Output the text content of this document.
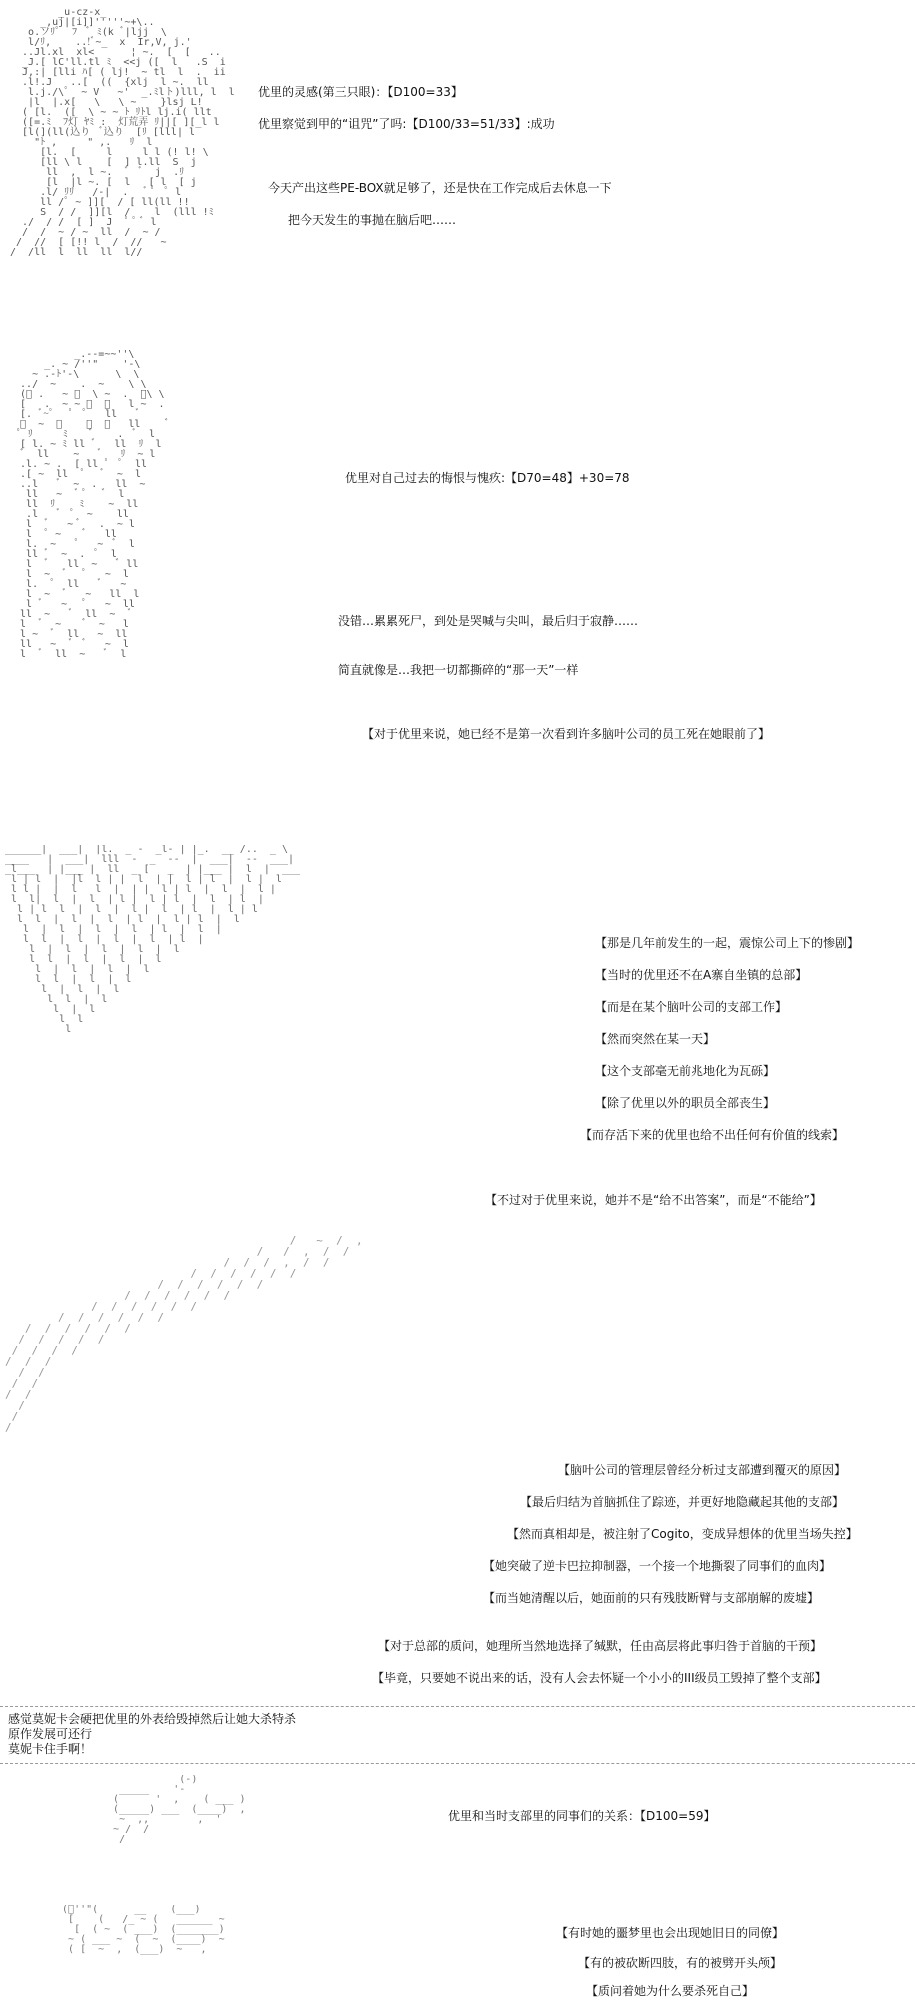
_u-cz-x_
_,uj|[i]]'''''~+\..
o.ソﾘﾟ  ﾌ  ﾞ ﾐ(k ﾞ|ljj  \
l/ﾘ,    ..!ﾞ~_  x  Ir,V, j.'
..Jl.xl  xl<      ¦ ~.  [  [   ..
_J.[ lC'll.tl ﾐ  <<j ([  l   .S  i
J,:| [lli ﾊ[ ( lj!  ~ tl  l  .  ii
.l!.J   ..[  ((  {xlj  l ~.  ll
l.j./\ﾟ  ~ V   ~'  _.ﾐlト)lll, l  l
|l  |.x[   \   \ ~    }lsj L!
( [l.  ([  \ ~ ~ ﾄ ﾘﾄl lj.i( llt
([=.ﾐ  ﾌ灯 ﾔﾐ :  灯荒弄 ﾘ||[ ][_l l
[l(](ll(込り  ﾞ込り  [ﾘ [lll| l
"ﾄ ,     " ,.   ﾘ  l
[l.  [     l     l l (! l! \
[ll \ l    [  ] l.ll  S  j
ll  ,  l ~.  ﾞ  ﾞ  j  .ﾘ
[l  |l ~. [  l   [ l  [ j
.l/ ﾘﾘ   /-|  .   ﾞ ﾟ  ﾟ l
ll /ﾟ ~ ]][  / [ ll(ll !!
S  / /  ]][l  /    l  (lll !ﾐ
./  / /  [ ]  J  ﾟ ﾟ ﾞ l
/  /  ~ / ~  ll  /  ~ /
/  //  [ [!! l  /  //   ~
/  /ll  l  ll  ll  l//
优里的灵感(第三只眼)：【D100=33】
优里察觉到甲的“诅咒”了吗:【D100/33=51/33】:成功
今天产出这些PE-BOX就足够了，还是快在工作完成后去休息一下
把今天发生的事抛在脑后吧……
_.--=~~''\
_. ~ /''"    '-\
~ .-ﾄ'-\      \  \
../  ~    .  ~    \ \
(ﾞ .   ~ ﾞ  \ ~  .  ﾞ\ \
[   .  ~ ~ ﾟ  ﾞ   l ~  .
[. ﾞ~ﾟ   ﾟ  ﾟ   ll   ﾞ
ﾟ  ~  ﾞ    ﾞ  ﾞ   ll    ﾞ
ﾟ ﾘ     ﾐ    ﾞ    .  ﾞ  l
[ l. ~ ﾐ ll ﾞ   ll  ﾘ  l
ﾞ  ll    ~   ﾞ   ﾘ  ~ l
.l. ~ .  [ ll ﾟ  ﾟ  ll
.[ ~  ll  ﾟ   ﾞ  ~  l
..l   ﾞ  ~  .   ll  ~
ll   ~  ﾞ ﾟ   ﾞ  l
ll  ﾘ    ﾐ    ~  ll
.l   ﾞ  ﾟ  ~    ll
l  ﾞ   ~ ﾞ   .  ~ l
l  ﾟ ~    ﾞ   ll
l.  ~   ﾟ   ~  ﾞ  l
ll ﾞ  ~  .  ﾟ  l
l  ﾞ   ll  ~   ﾞ ll
l  ~  ﾞ   ﾟ   ~  l
l.  ﾟ  ll   ﾞ   ~
l  ~  ﾞ   ~   ll  l
l ﾞ   ~   ﾟ   ~  ll
ll  ~   ﾞ  ll  ~  ﾞ
l  ﾞ  ~    ﾞ  ~   l
l ~  ﾞ  ll   ~  ll
ll   ~  ﾞ  ﾞ   ~  l
l  ﾞ  ll  ~   ﾞ  l
优里对自己过去的悔恨与愧疚:【D70=48】+30=78
没错…累累死尸，到处是哭喊与尖叫，最后归于寂静……
简直就像是…我把一切都撕碎的“那一天”一样
【对于优里来说，她已经不是第一次看到许多脑叶公司的员工死在她眼前了】
______|  ___|  |l.  _ -  _l- | |_.  __ /..  _ \
____   |  ___|  lll  -  _  --  |  ___|  --  ___|
_l___  | |___ |  ll  _ [   _  | |___ |  l  |  ___
l | l  |  |l  l | |  l  | |  l | l  |  l |  l
l l |  |  l   l  |  | |  l | l  |  l  |  l |
l  l|  l  |  l  | l |  l | l  |  l  | l  |
l | l  l  |  l  |  l |  l  | l  |  l | l
l  l  |  l  |  l  | l  |  l | l  |  l
l  |  l  |  l  |  l  | l  |  l  |
l  l  |  l  |  l  |  l  | l  |
l  |  l  |  l  |  l  |  l
l  l  |  l  |  l  |  l
l  |  l  |  l  |  l
l  l  |  l  |  l
l  |  l  |  l
l  l  |  l
l  |  l
l  l
l
【那是几年前发生的一起，震惊公司上下的惨剧】
【当时的优里还不在A寨自坐镇的总部】
【而是在某个脑叶公司的支部工作】
【然而突然在某一天】
【这个支部毫无前兆地化为瓦砾】
【除了优里以外的职员全部丧生】
【而存活下来的优里也给不出任何有价值的线索】
【不过对于优里来说，她并不是“给不出答案”，而是“不能给”】
/   ~  /  ,
/   /  ,  /  /
/  /  /  ,  /  /
/  /  /  /  /  /
/  /  /  /  /  /
/  /  /  /  /  /
/  /  /  /  /  /
/  /  /  /  /  /
/  /  /  /  /  /
/  /  /  /  /
/  /  /  /
/  /  /
/  /
/  /
/  /
/
/
/
【脑叶公司的管理层曾经分析过支部遭到覆灭的原因】
【最后归结为首脑抓住了踪迹，并更好地隐藏起其他的支部】
【然而真相却是，被注射了Cogito，变成异想体的优里当场失控】
【她突破了逆卡巴拉抑制器，一个接一个地撕裂了同事们的血肉】
【而当她清醒以后，她面前的只有残肢断臂与支部崩解的废墟】
【对于总部的质问，她理所当然地选择了缄默，任由高层将此事归咎于首脑的干预】
【毕竟，只要她不说出来的话，没有人会去怀疑一个小小的III级员工毁掉了整个支部】
感觉莫妮卡会硬把优里的外表给毁掉然后让她大杀特杀
原作发展可还行
莫妮卡住手啊！
(-)
_____    '-
(      '  ,    ( ___ )
(_____) ___  (____)  ,
~  ,,        ,  '
~ /  /
/
优里和当时支部里的同事们的关系：【D100=59】
(ﾟ''"(      __    (___)
[    (   /_ ~ (   ______ ~
[  ( ~  ( ___)  (_______)
~ ( ___ ~  (  ~  (____)  ~
( [  ~  ,  (___)  ~   ,
【有时她的噩梦里也会出现她旧日的同僚】
【有的被砍断四肢，有的被劈开头颅】
【质问着她为什么要杀死自己】
